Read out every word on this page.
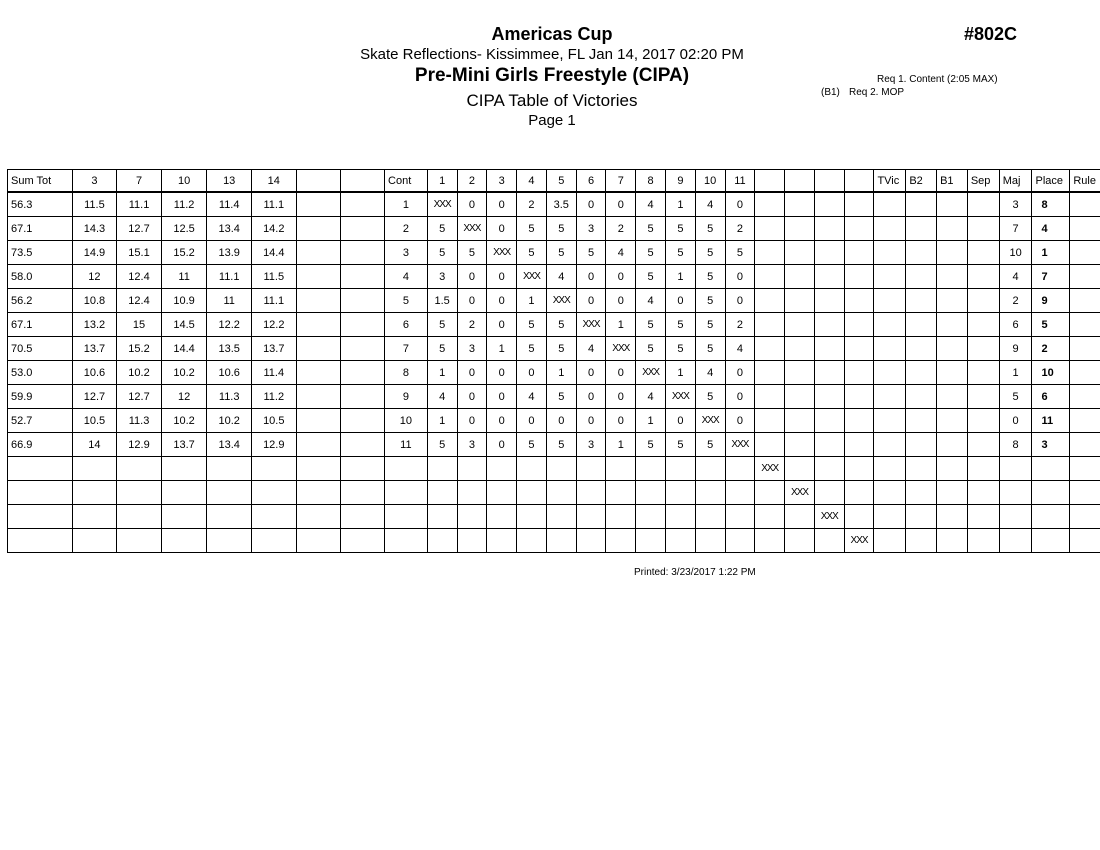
Americas Cup
Skate Reflections- Kissimmee, FL Jan 14, 2017 02:20 PM
Pre-Mini Girls Freestyle (CIPA)
CIPA Table of Victories
Page 1
#802C
Req 1. Content (2:05 MAX)
(B1) Req 2. MOP
Sum Tot	3	7	10	13	14			Cont	1	2	3	4	5	6	7	8	9	10	11					TVic	B2	B1	Sep	Maj	Place	Rule
56.3	11.5	11.1	11.2	11.4	11.1			1	XXX	0	0	2	3.5	0	0	4	1	4	0									3	8	
67.1	14.3	12.7	12.5	13.4	14.2			2	5	XXX	0	5	5	3	2	5	5	5	2									7	4	
73.5	14.9	15.1	15.2	13.9	14.4			3	5	5	XXX	5	5	5	4	5	5	5	5									10	1	
58.0	12	12.4	11	11.1	11.5			4	3	0	0	XXX	4	0	0	5	1	5	0									4	7	
56.2	10.8	12.4	10.9	11	11.1			5	1.5	0	0	1	XXX	0	0	4	0	5	0									2	9	
67.1	13.2	15	14.5	12.2	12.2			6	5	2	0	5	5	XXX	1	5	5	5	2									6	5	
70.5	13.7	15.2	14.4	13.5	13.7			7	5	3	1	5	5	4	XXX	5	5	5	4									9	2	
53.0	10.6	10.2	10.2	10.6	11.4			8	1	0	0	0	1	0	0	XXX	1	4	0									1	10	
59.9	12.7	12.7	12	11.3	11.2			9	4	0	0	4	5	0	0	4	XXX	5	0									5	6	
52.7	10.5	11.3	10.2	10.2	10.5			10	1	0	0	0	0	0	0	1	0	XXX	0									0	11	
66.9	14	12.9	13.7	13.4	12.9			11	5	3	0	5	5	3	1	5	5	5	XXX									8	3	
																				XXX										
																					XXX									
																						XXX								
																							XXX							
Printed: 3/23/2017 1:22 PM
